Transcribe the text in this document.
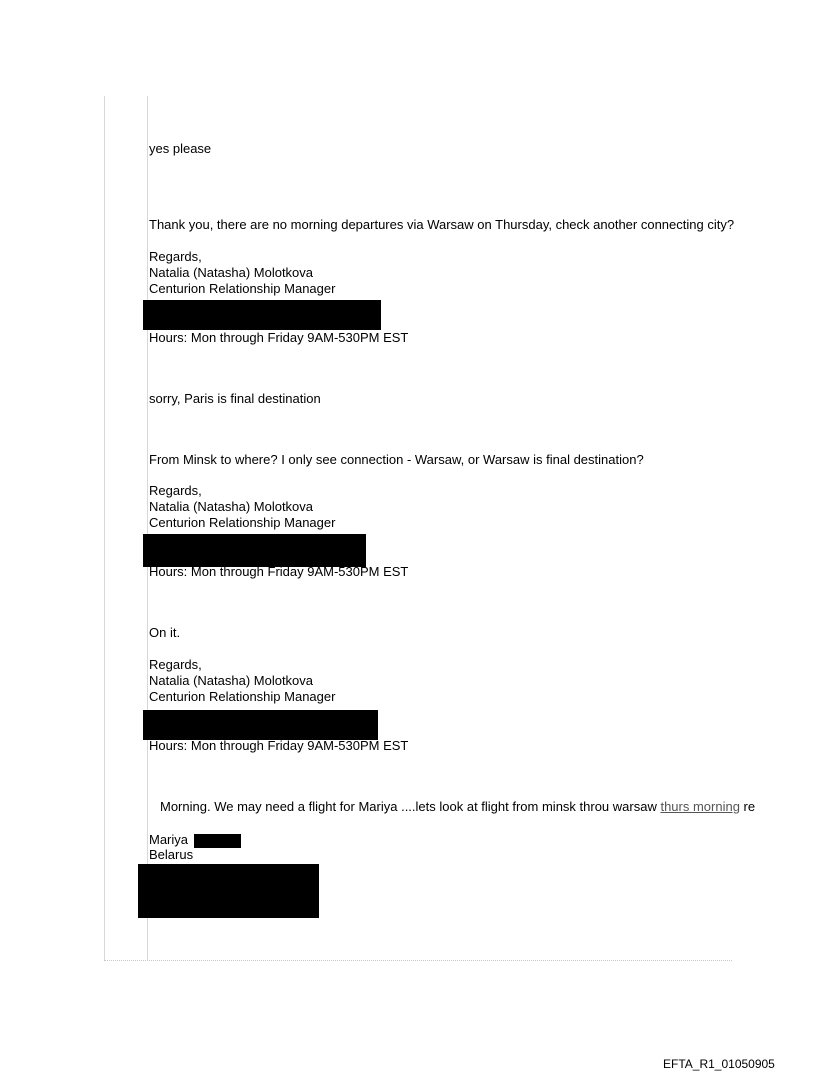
yes please
Thank you, there are no morning departures via Warsaw on Thursday, check another connecting city?
Regards,
Natalia (Natasha) Molotkova
Centurion Relationship Manager
Hours: Mon through Friday 9AM-530PM EST
sorry, Paris is final destination
From Minsk to where? I only see connection - Warsaw, or Warsaw is final destination?
Regards,
Natalia (Natasha) Molotkova
Centurion Relationship Manager
Hours: Mon through Friday 9AM-530PM EST
On it.
Regards,
Natalia (Natasha) Molotkova
Centurion Relationship Manager
Hours: Mon through Friday 9AM-530PM EST
Morning. We may need a flight for Mariya ....lets look at flight from minsk throu warsaw thurs morning re
Mariya
Belarus
EFTA_R1_01050905
